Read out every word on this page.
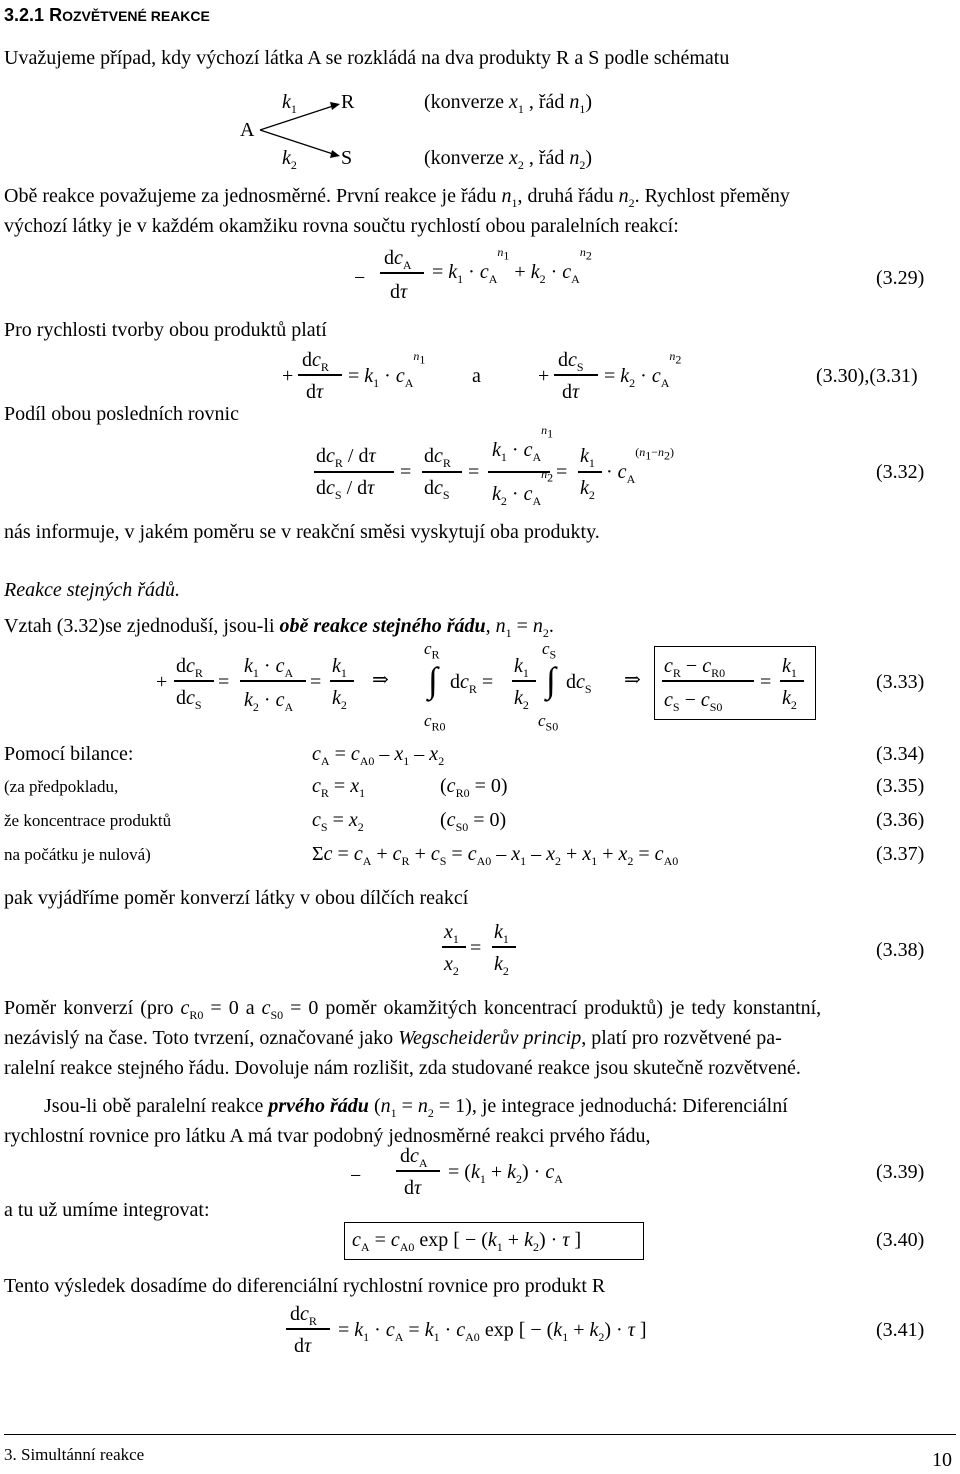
3.2.1 ROZVĚTVENÉ REAKCE
Uvažujeme případ, kdy výchozí látka A se rozkládá na dva produkty R a S podle schématu
A
$k_1$ R	(konverze $x_1$ , řád $n_1$)
$k_2$ S	(konverze $x_2$ , řád $n_2$)
Obě reakce považujeme za jednosměrné. První reakce je řádu $n_1$, druhá řádu $n_2$. Rychlost přeměny
výchozí látky je v každém okamžiku rovna součtu rychlostí obou paralelních reakcí:
−
$dc_A$
dτ
= $k_1 \cdot c_A^{n_1} + k_2 \cdot c_A^{n_2}$
(3.29)
Pro rychlosti tvorby obou produktů platí
+
$dc_R$
dτ
= $k_1 \cdot c_A^{n_1}$
a	+
$dc_S$
dτ
= $k_2 \cdot c_A^{n_2}$
(3.30),(3.31)
Podíl obou posledních rovnic
$dc_R$ / dτ
$dc_S$ / dτ
=
$dc_R$
$dc_S$
=
$k_1 \cdot c_A^{n_1}$
$k_2 \cdot c_A^{n_2}$ =
$k_1$
$k_2$
· $c_A^{(n_1-n_2)}$
(3.32)
nás informuje, v jakém poměru se v reakční směsi vyskytují oba produkty.
Reakce stejných řádů.
Vztah (3.32)se zjednoduší, jsou-li obě reakce stejného řádu, $n_1 = n_2$.
+
$dc_R$
$dc_S$
=
$k_1 \cdot c_A$
$k_2 \cdot c_A$
=
$k_1$
$k_2$
⇒
$c_R$
∫
$c_{R0}$
$dc_R$ =
$k_1$
$k_2$
$c_S$
∫
$c_{S0}$
$dc_S$ ⇒
$c_R - c_{R0}$
$c_S - c_{S0}$
=
$k_1$
$k_2$
(3.33)
Pomocí bilance:	$c_A = c_{A0} - x_1 - x_2$	(3.34)
(za předpokladu,	$c_R = x_1$	$(c_{R0} = 0)$	(3.35)
že koncentrace produktů	$c_S = x_2$	$(c_{S0} = 0)$	(3.36)
na počátku je nulová)	$\Sigma c = c_A + c_R + c_S = c_{A0} - x_1 - x_2 + x_1 + x_2 = c_{A0}$	(3.37)
pak vyjádříme poměr konverzí látky v obou dílčích reakcí
$x_1$
$x_2$
=
$k_1$
$k_2$
(3.38)
Poměr konverzí (pro $c_{R0} = 0$ a $c_{S0} = 0$ poměr okamžitých koncentrací produktů) je tedy konstantní,
nezávislý na čase. Toto tvrzení, označované jako Wegscheiderův princip, platí pro rozvětvené pa-
ralelní reakce stejného řádu. Dovoluje nám rozlišit, zda studované reakce jsou skutečně rozvětvené.
Jsou-li obě paralelní reakce prvého řádu $(n_1 = n_2 = 1)$, je integrace jednoduchá: Diferenciální
rychlostní rovnice pro látku A má tvar podobný jednosměrné reakci prvého řádu,
−
$dc_A$
dτ
= $(k_1 + k_2) \cdot c_A$	(3.39)
a tu už umíme integrovat:
$c_A = c_{A0}$ exp [ − $(k_1 + k_2) \cdot \tau$ ]	(3.40)
Tento výsledek dosadíme do diferenciální rychlostní rovnice pro produkt R
$dc_R$
dτ
= $k_1 \cdot c_A = k_1 \cdot c_{A0}$ exp [ − $(k_1 + k_2) \cdot \tau$ ]	(3.41)
3. Simultánní reakce	10
